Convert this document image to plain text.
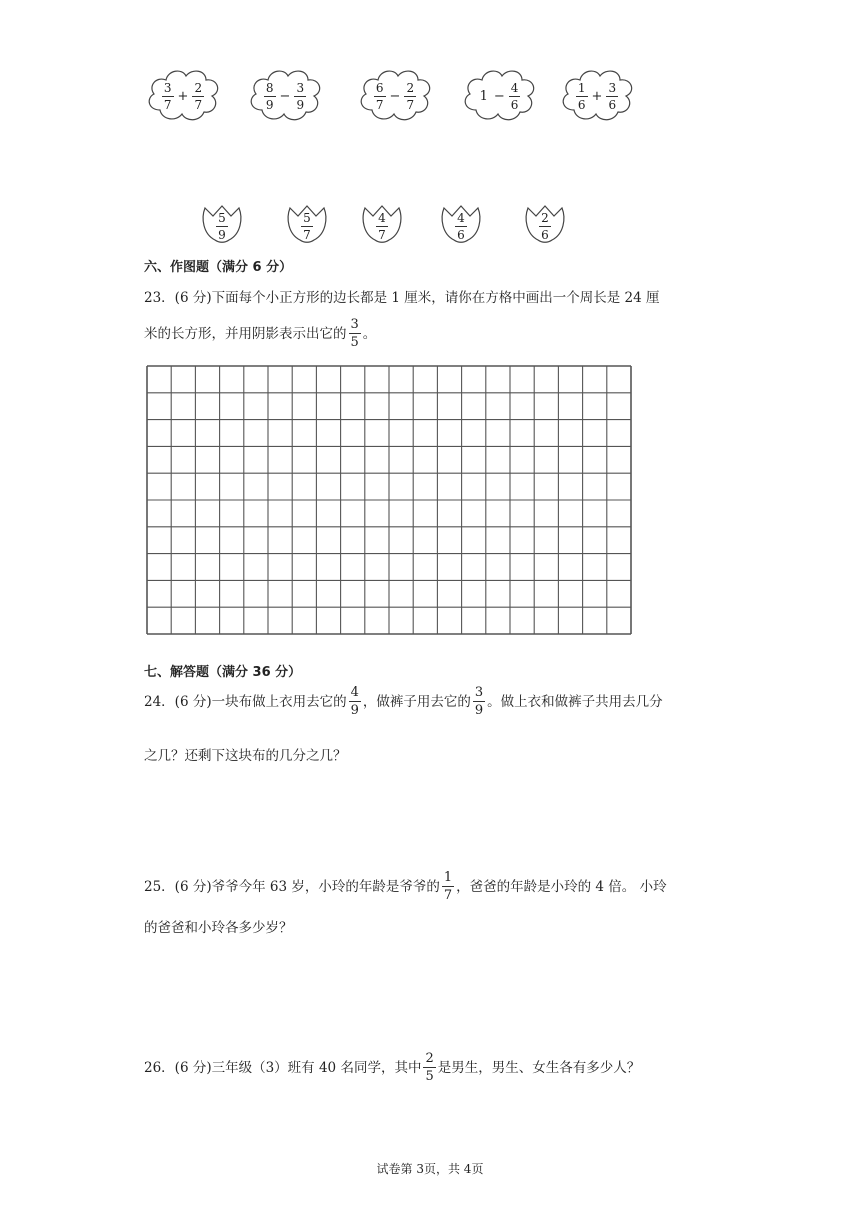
$\frac{3}{7} + \frac{2}{7}$	$\frac{8}{9} - \frac{3}{9}$	$\frac{6}{7} - \frac{2}{7}$	$1 - \frac{4}{6}$	$\frac{1}{6} + \frac{3}{6}$
$\frac{5}{9}$	$\frac{5}{7}$	$\frac{4}{7}$	$\frac{4}{6}$	$\frac{2}{6}$
六、作图题（满分 6 分）
23．(6 分)下面每个小正方形的边长都是 1 厘米，请你在方格中画出一个周长是 24 厘
米的长方形，并用阴影表示出它的 $\frac{3}{5}$ 。
七、解答题（满分 36 分）
24．(6 分)一块布做上衣用去它的 $\frac{4}{9}$ ，做裤子用去它的 $\frac{3}{9}$ 。做上衣和做裤子共用去几分
之几？还剩下这块布的几分之几？
25．(6 分)爷爷今年 63 岁，小玲的年龄是爷爷的 $\frac{1}{7}$ ，爸爸的年龄是小玲的 4 倍。 小玲
的爸爸和小玲各多少岁？
26．(6 分)三年级（3）班有 40 名同学，其中 $\frac{2}{5}$ 是男生，男生、女生各有多少人？
试卷第 3页，共 4页
